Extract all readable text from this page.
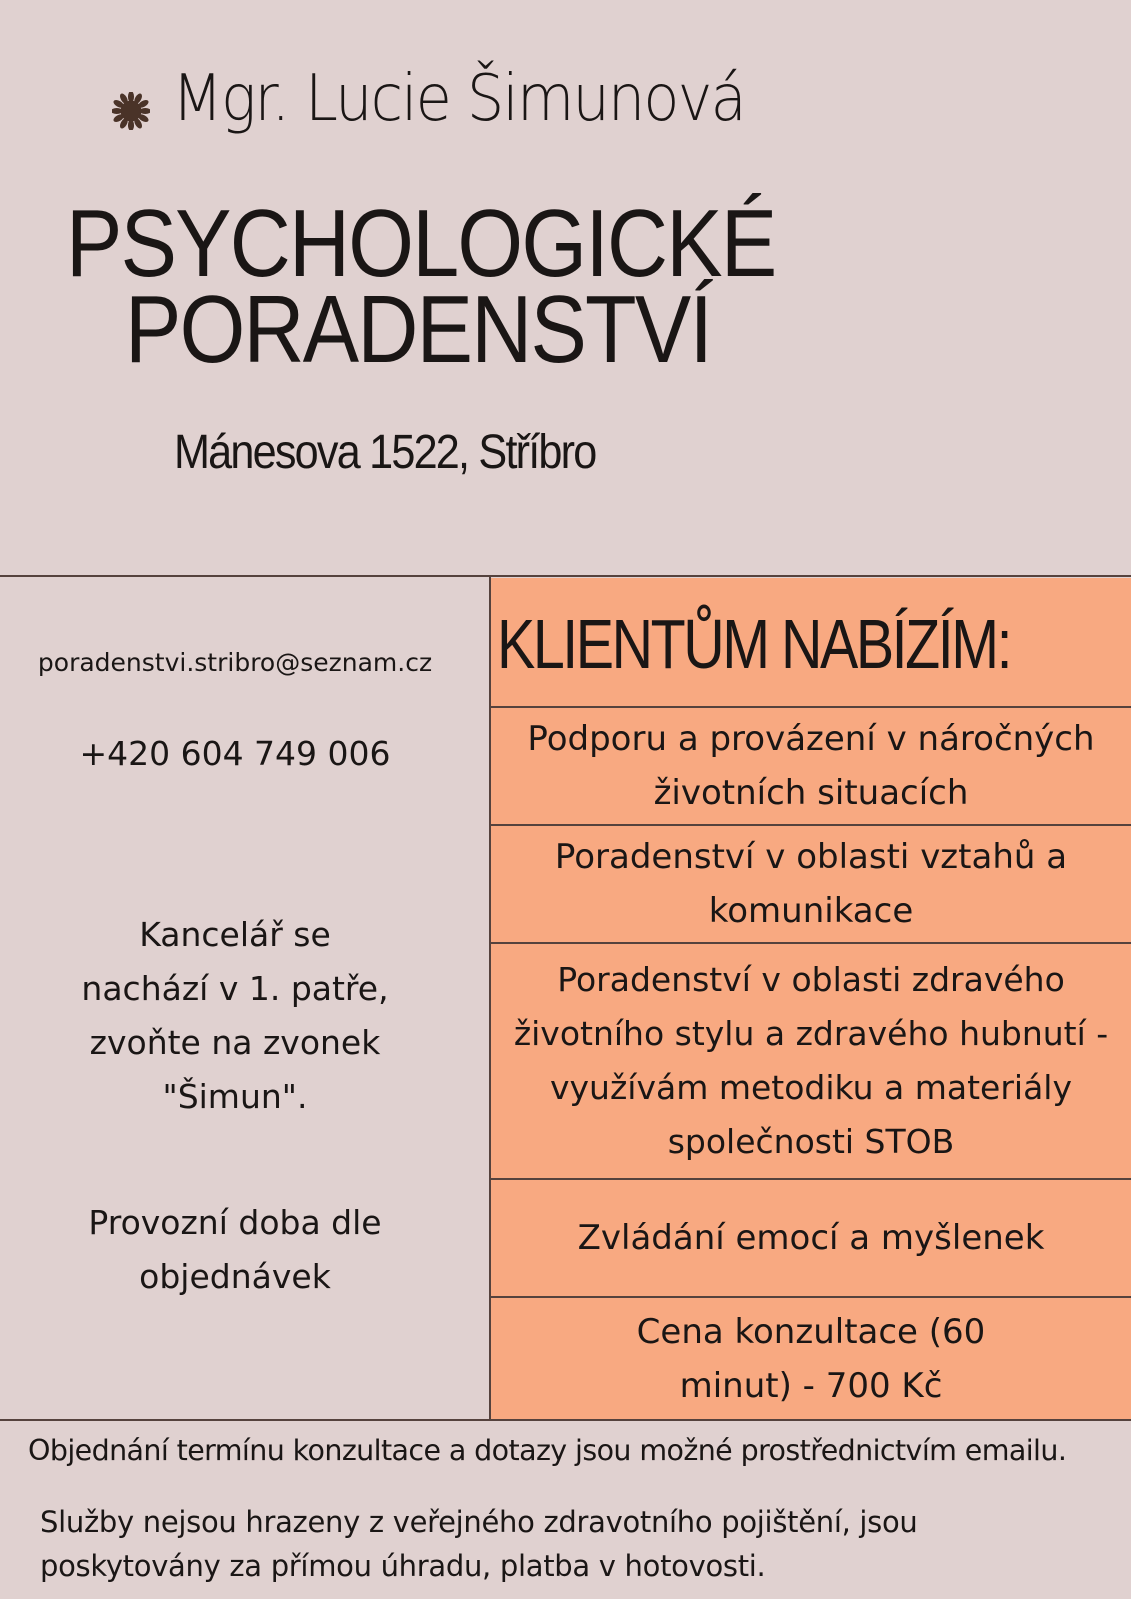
Mgr. Lucie Šimunová
PSYCHOLOGICKÉ
PORADENSTVÍ
Mánesova 1522, Stříbro
poradenstvi.stribro@seznam.cz
+420 604 749 006
Kancelář se nachází v 1. patře, zvoňte na zvonek "Šimun".
Provozní doba dle objednávek
KLIENTŮM NABÍZÍM:
Podporu a provázení v náročných životních situacích
Poradenství v oblasti vztahů a komunikace
Poradenství v oblasti zdravého životního stylu a zdravého hubnutí - využívám metodiku a materiály společnosti STOB
Zvládání emocí a myšlenek
Cena konzultace (60 minut) - 700 Kč
Objednání termínu konzultace a dotazy jsou možné prostřednictvím emailu.
Služby nejsou hrazeny z veřejného zdravotního pojištění, jsou poskytovány za přímou úhradu, platba v hotovosti.
